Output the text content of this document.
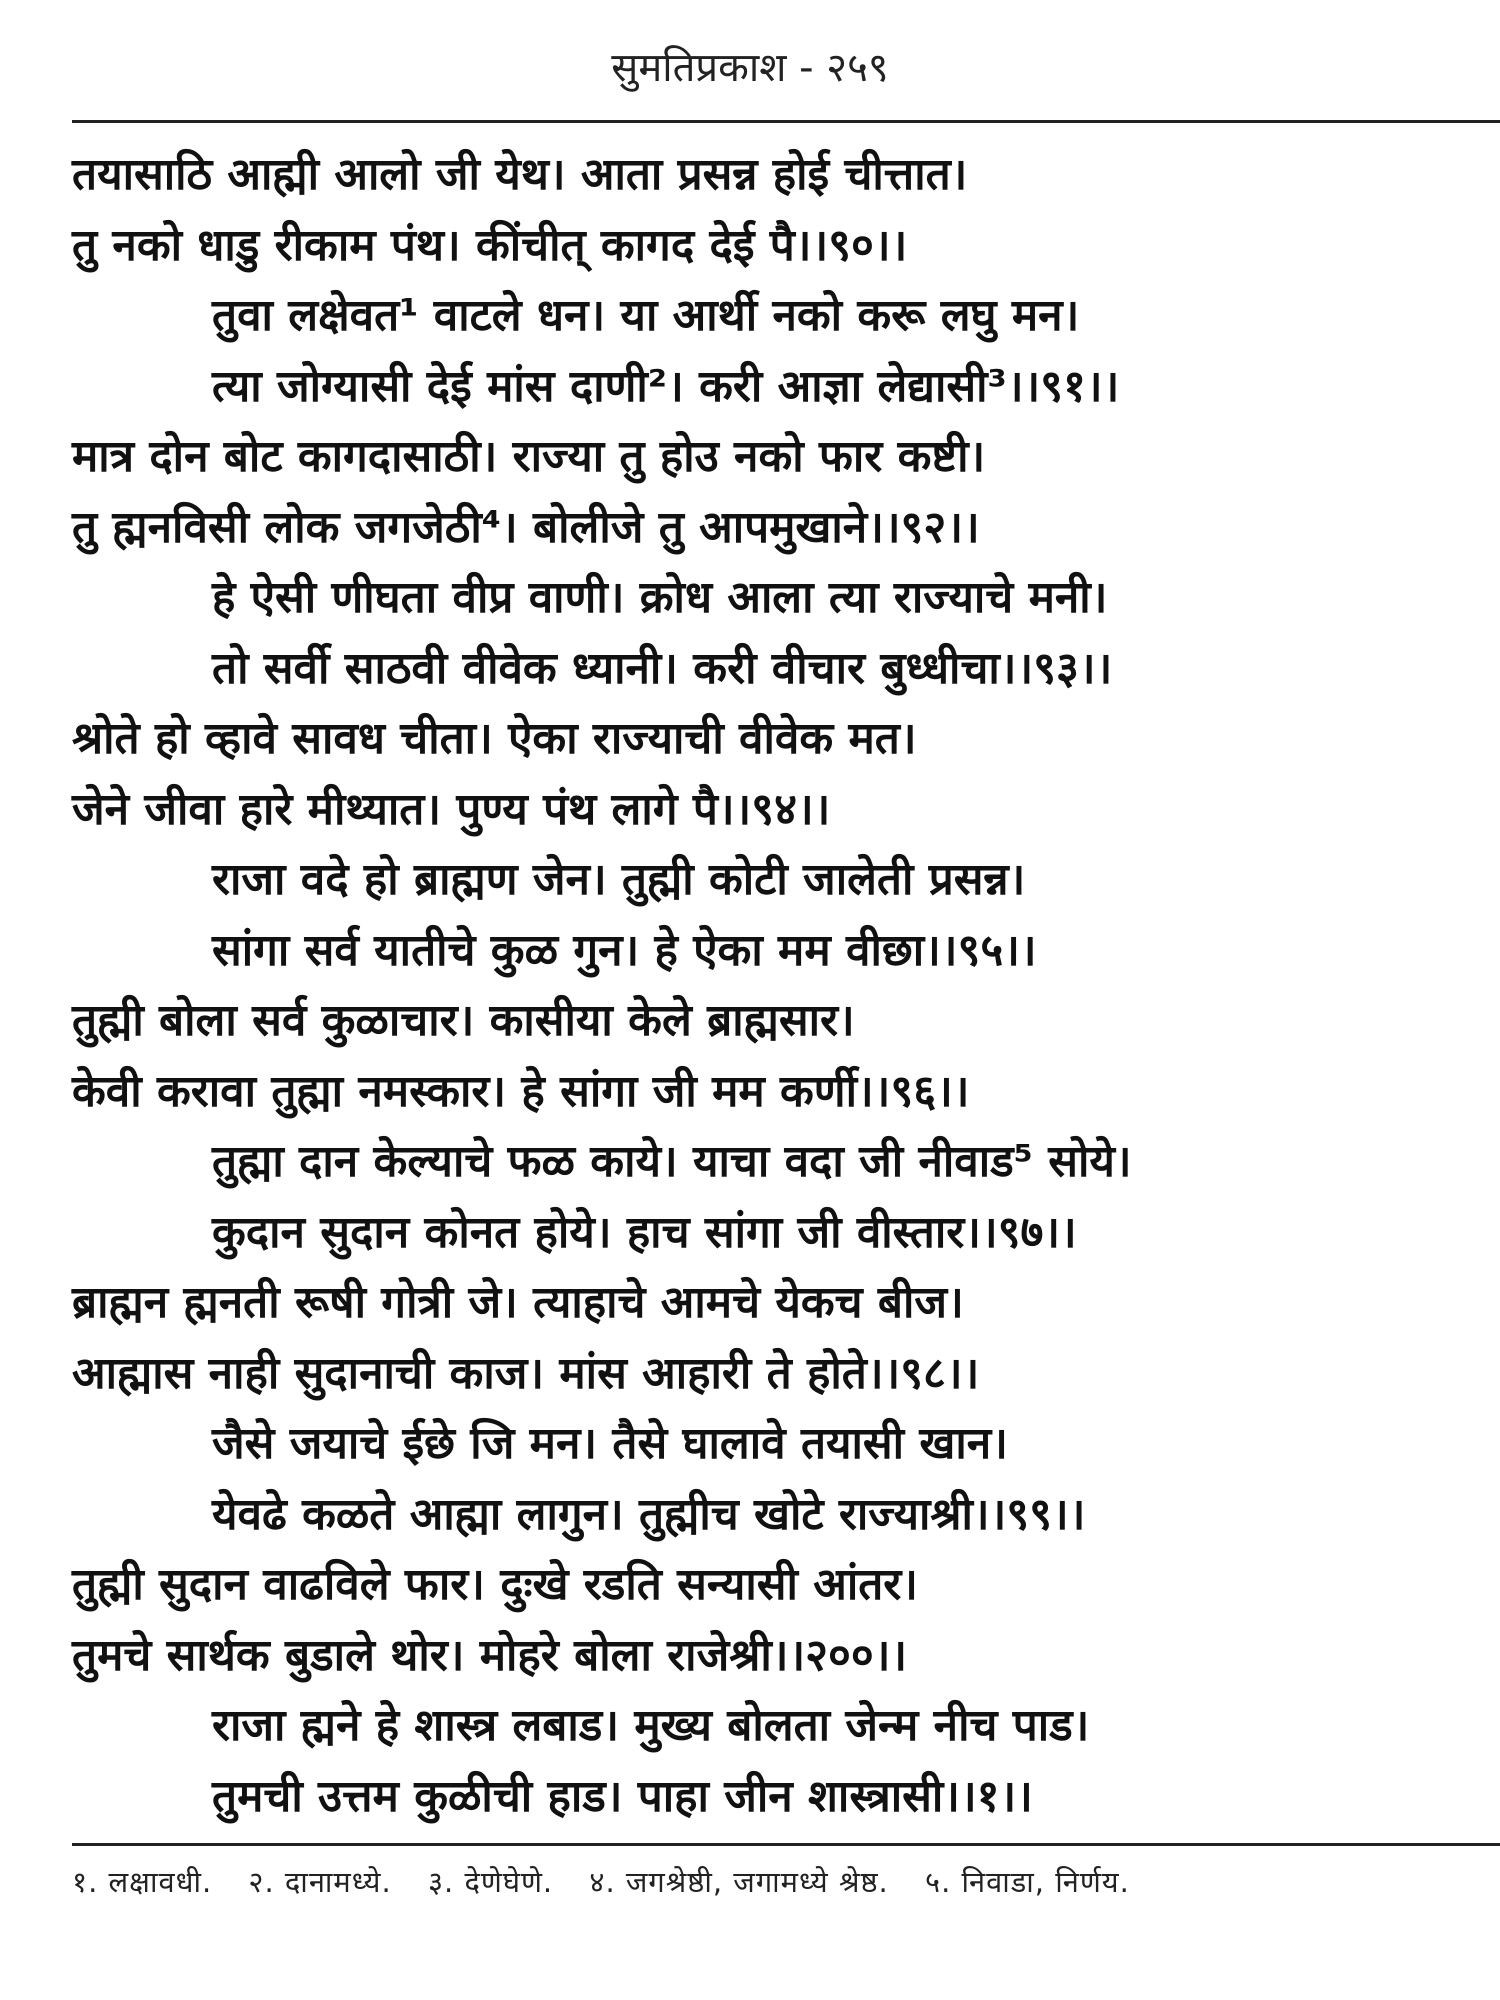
सुमतिप्रकाश - २५९
तयासाठि आह्मी आलो जी येथ। आता प्रसन्न होई चीत्तात।
तु नको धाडु रीकाम पंथ। कींचीत् कागद देई पै।।९०।।
तुवा लक्षेवत¹ वाटले धन। या आर्थी नको करू लघु मन।
त्या जोग्यासी देई मांस दाणी²। करी आज्ञा लेद्यासी³।।९१।।
मात्र दोन बोट कागदासाठी। राज्या तु होउ नको फार कष्टी।
तु ह्मनविसी लोक जगजेठी⁴। बोलीजे तु आपमुखाने।।९२।।
हे ऐसी णीघता वीप्र वाणी। क्रोध आला त्या राज्याचे मनी।
तो सर्वी साठवी वीवेक ध्यानी। करी वीचार बुध्धीचा।।९३।।
श्रोते हो व्हावे सावध चीता। ऐका राज्याची वीवेक मत।
जेने जीवा हारे मीथ्यात। पुण्य पंथ लागे पै।।९४।।
राजा वदे हो ब्राह्मण जेन। तुह्मी कोटी जालेती प्रसन्न।
सांगा सर्व यातीचे कुळ गुन। हे ऐका मम वीछा।।९५।।
तुह्मी बोला सर्व कुळाचार। कासीया केले ब्राह्मसार।
केवी करावा तुह्मा नमस्कार। हे सांगा जी मम कर्णी।।९६।।
तुह्मा दान केल्याचे फळ काये। याचा वदा जी नीवाड⁵ सोये।
कुदान सुदान कोनत होये। हाच सांगा जी वीस्तार।।९७।।
ब्राह्मन ह्मनती रूषी गोत्री जे। त्याहाचे आमचे येकच बीज।
आह्मास नाही सुदानाची काज। मांस आहारी ते होते।।९८।।
जैसे जयाचे ईछे जि मन। तैसे घालावे तयासी खान।
येवढे कळते आह्मा लागुन। तुह्मीच खोटे राज्याश्री।।९९।।
तुह्मी सुदान वाढविले फार। दुःखे रडति सन्यासी आंतर।
तुमचे सार्थक बुडाले थोर। मोहरे बोला राजेश्री।।२००।।
राजा ह्मने हे शास्त्र लबाड। मुख्य बोलता जेन्म नीच पाड।
तुमची उत्तम कुळीची हाड। पाहा जीन शास्त्रासी।।१।।
१. लक्षावधी. २. दानामध्ये. ३. देणेघेणे. ४. जगश्रेष्ठी, जगामध्ये श्रेष्ठ. ५. निवाडा, निर्णय.
